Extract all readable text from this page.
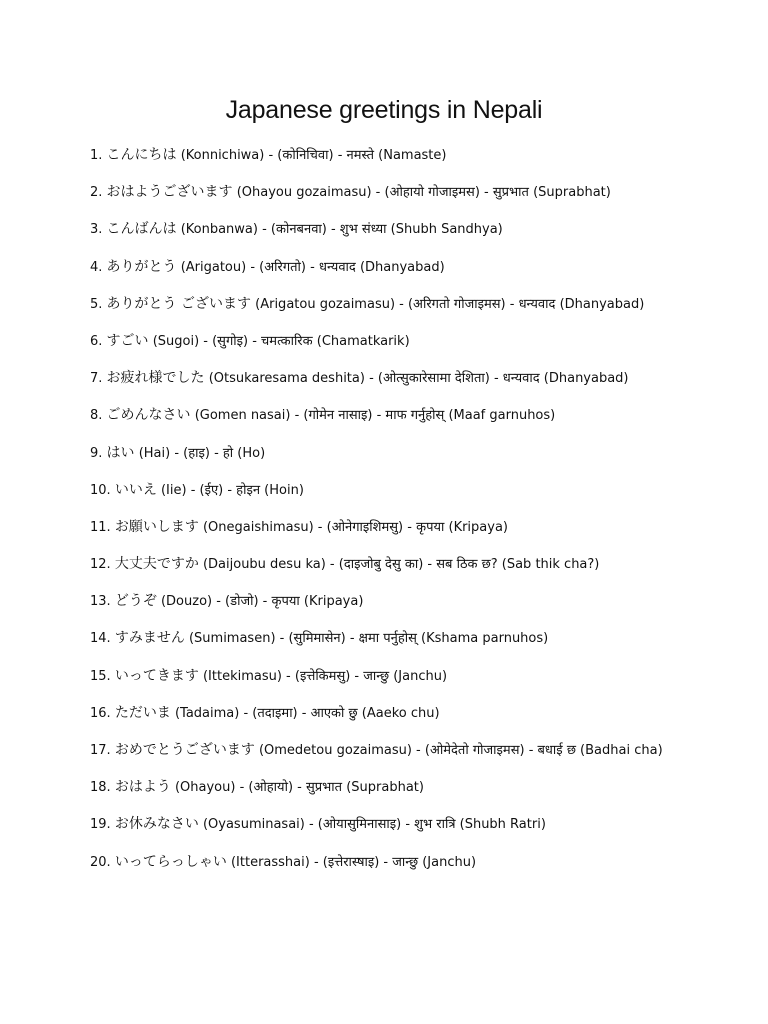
Japanese greetings in Nepali
1. こんにちは (Konnichiwa) - (कोनिचिवा) - नमस्ते (Namaste)
2. おはようございます (Ohayou gozaimasu) - (ओहायो गोजाइमस) - सुप्रभात (Suprabhat)
3. こんばんは (Konbanwa) - (कोनबनवा) - शुभ संध्या (Shubh Sandhya)
4. ありがとう (Arigatou) - (अरिगतो) - धन्यवाद (Dhanyabad)
5. ありがとう ございます (Arigatou gozaimasu) - (अरिगतो गोजाइमस) - धन्यवाद (Dhanyabad)
6. すごい (Sugoi) - (सुगोइ) - चमत्कारिक (Chamatkarik)
7. お疲れ様でした (Otsukaresama deshita) - (ओत्सुकारेसामा देशिता) - धन्यवाद (Dhanyabad)
8. ごめんなさい (Gomen nasai) - (गोमेन नासाइ) - माफ गर्नुहोस् (Maaf garnuhos)
9. はい (Hai) - (हाइ) - हो (Ho)
10. いいえ (Iie) - (ईए) - होइन (Hoin)
11. お願いします (Onegaishimasu) - (ओनेगाइशिमसु) - कृपया (Kripaya)
12. 大丈夫ですか (Daijoubu desu ka) - (दाइजोबु देसु का) - सब ठिक छ? (Sab thik cha?)
13. どうぞ (Douzo) - (डोजो) - कृपया (Kripaya)
14. すみません (Sumimasen) - (सुमिमासेन) - क्षमा पर्नुहोस् (Kshama parnuhos)
15. いってきます (Ittekimasu) - (इत्तेकिमसु) - जान्छु (Janchu)
16. ただいま (Tadaima) - (तदाइमा) - आएको छु (Aaeko chu)
17. おめでとうございます (Omedetou gozaimasu) - (ओमेदेतो गोजाइमस) - बधाई छ (Badhai cha)
18. おはよう (Ohayou) - (ओहायो) - सुप्रभात (Suprabhat)
19. お休みなさい (Oyasuminasai) - (ओयासुमिनासाइ) - शुभ रात्रि (Shubh Ratri)
20. いってらっしゃい (Itterasshai) - (इत्तेरास्षाइ) - जान्छु (Janchu)
